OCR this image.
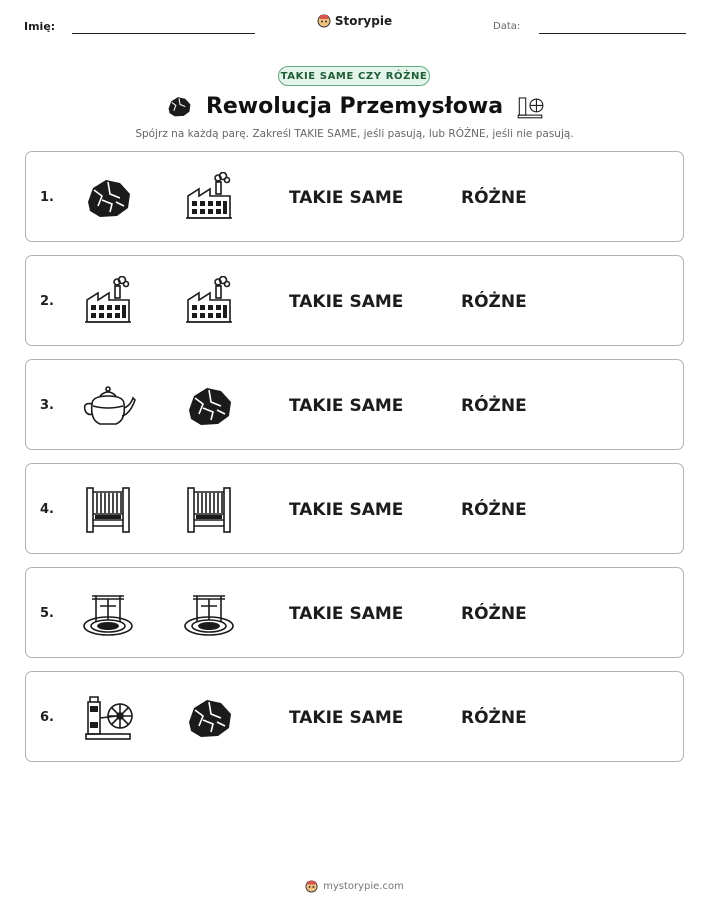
Imię:	Storypie	Data:
TAKIE SAME CZY RÓŻNE
Rewolucja Przemysłowa
Spójrz na każdą parę. Zakreśl TAKIE SAME, jeśli pasują, lub RÓŻNE, jeśli nie pasują.
1.	TAKIE SAME	RÓŻNE
2.	TAKIE SAME	RÓŻNE
3.	TAKIE SAME	RÓŻNE
4.	TAKIE SAME	RÓŻNE
5.	TAKIE SAME	RÓŻNE
6.	TAKIE SAME	RÓŻNE
mystorypie.com
